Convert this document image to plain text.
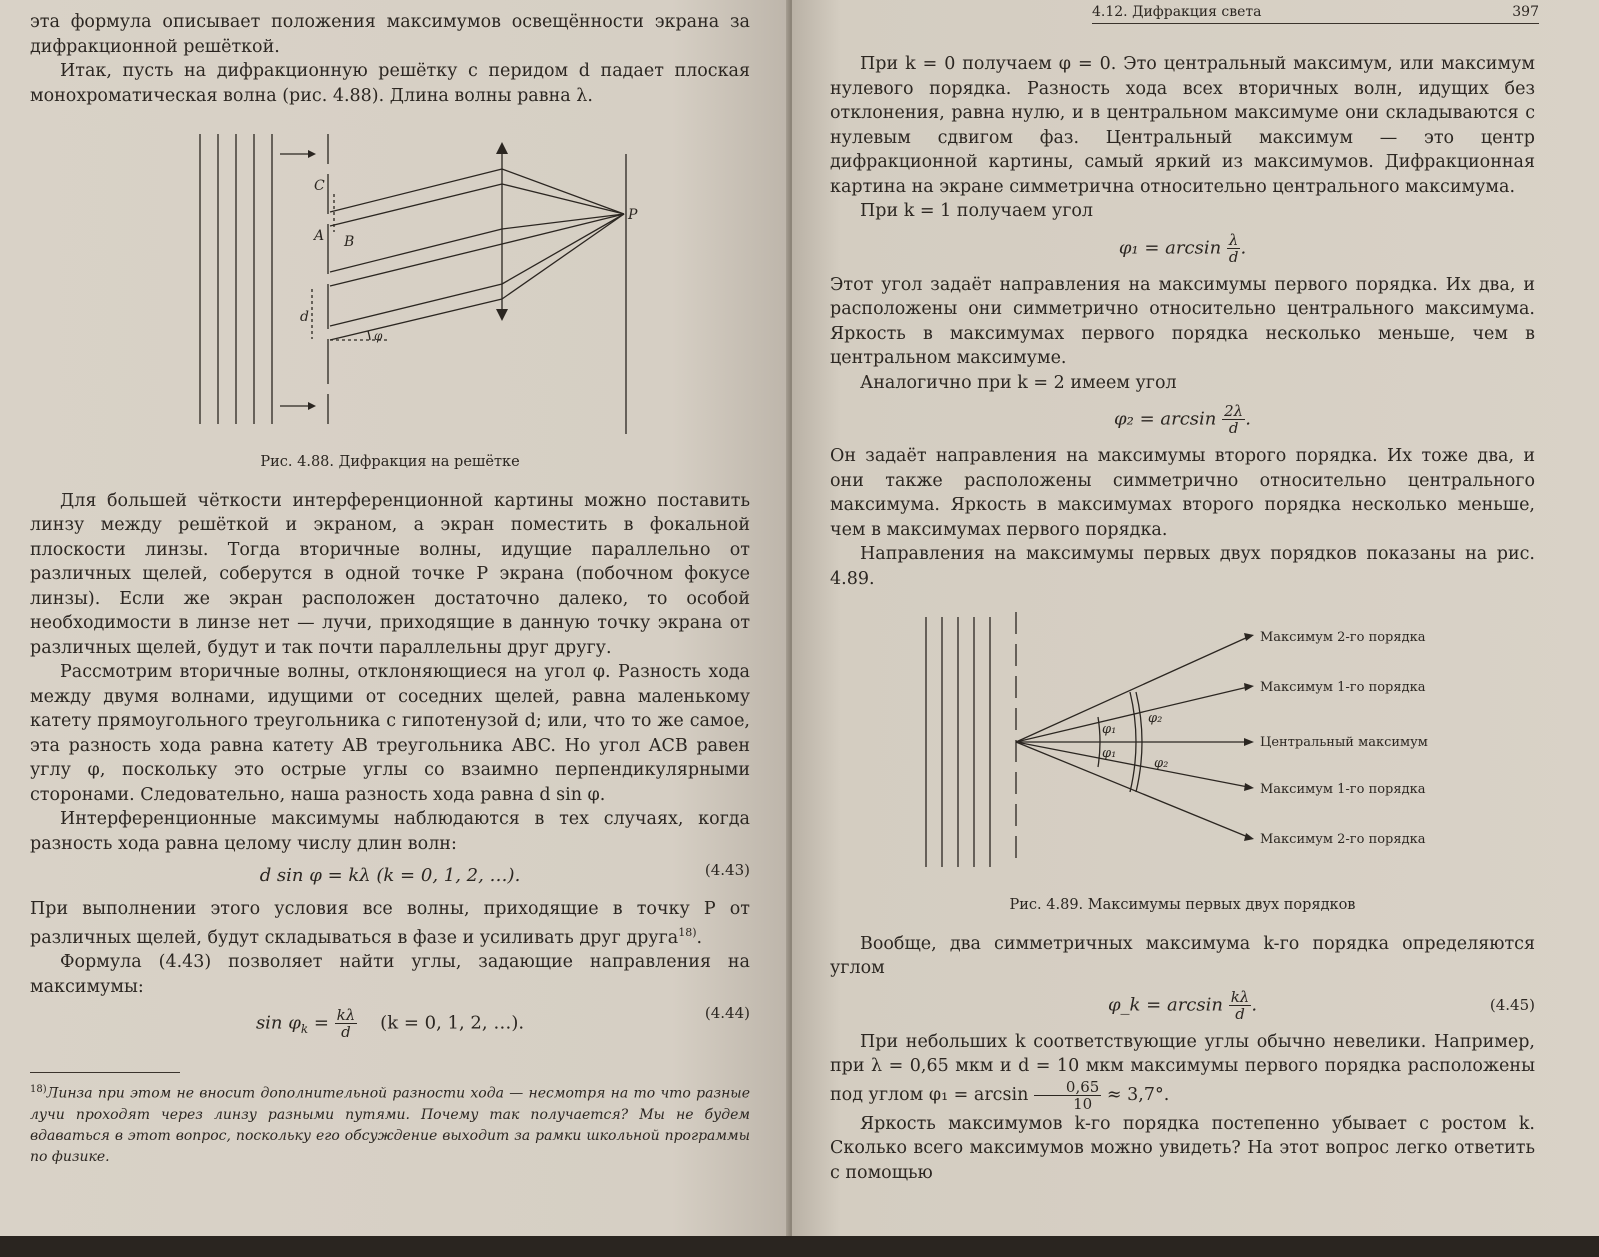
эта формула описывает положения максимумов освещённости экрана за дифракционной решёткой.

Итак, пусть на дифракционную решётку с перидом d падает плоская монохроматическая волна (рис. 4.88). Длина волны равна λ.

C
A B
d
P
φ
Рис. 4.88. Дифракция на решётке

Для большей чёткости интерференционной картины можно поставить линзу между решёткой и экраном, а экран поместить в фокальной плоскости линзы. Тогда вторичные волны, идущие параллельно от различных щелей, соберутся в одной точке P экрана (побочном фокусе линзы). Если же экран расположен достаточно далеко, то особой необходимости в линзе нет — лучи, приходящие в данную точку экрана от различных щелей, будут и так почти параллельны друг другу.

Рассмотрим вторичные волны, отклоняющиеся на угол φ. Разность хода между двумя волнами, идущими от соседних щелей, равна маленькому катету прямоугольного треугольника с гипотенузой d; или, что то же самое, эта разность хода равна катету AB треугольника ABC. Но угол ACB равен углу φ, поскольку это острые углы со взаимно перпендикулярными сторонами. Следовательно, наша разность хода равна d sin φ.

Интерференционные максимумы наблюдаются в тех случаях, когда разность хода равна целому числу длин волн:

d sin φ = kλ (k = 0, 1, 2, …).	(4.43)

При выполнении этого условия все волны, приходящие в точку P от различных щелей, будут складываться в фазе и усиливать друг друга$^{18)}$.

Формула (4.43) позволяет найти углы, задающие направления на максимумы:

$\sin \varphi_k = \frac{k\lambda}{d} (k = 0$, 1, 2, …).	(4.44)

$^{18)}$Линза при этом не вносит дополнительной разности хода — несмотря на то что разные лучи проходят через линзу разными путями. Почему так получается? Мы не будем вдаваться в этот вопрос, поскольку его обсуждение выходит за рамки школьной программы по физике.

4.12. Дифракция света	397

При k = 0 получаем φ = 0. Это центральный максимум, или максимум нулевого порядка. Разность хода всех вторичных волн, идущих без отклонения, равна нулю, и в центральном максимуме они складываются с нулевым сдвигом фаз. Центральный максимум — это центр дифракционной картины, самый яркий из максимумов. Дифракционная картина на экране симметрична относительно центрального максимума.

При k = 1 получаем угол

$\varphi_1 = \arcsin \frac{\lambda}{d}$ .

Этот угол задаёт направления на максимумы первого порядка. Их два, и расположены они симметрично относительно центрального максимума. Яркость в максимумах первого порядка несколько меньше, чем в центральном максимуме.

Аналогично при k = 2 имеем угол

$\varphi_2 = \arcsin \frac{2\lambda}{d}$ .

Он задаёт направления на максимумы второго порядка. Их тоже два, и они также расположены симметрично относительно центрального максимума. Яркость в максимумах второго порядка несколько меньше, чем в максимумах первого порядка.

Направления на максимумы первых двух порядков показаны на рис. 4.89.

Максимум 2-го порядка
Максимум 1-го порядка
Центральный максимум
Максимум 1-го порядка
Максимум 2-го порядка
φ₁
φ₂
φ₁
φ₂
Рис. 4.89. Максимумы первых двух порядков

Вообще, два симметричных максимума k-го порядка определяются углом

φ_k = $\arcsin \frac{k\lambda}{d}$ .	(4.45)

При небольших k соответствующие углы обычно невелики. Например, при λ = 0,65 мкм и d = 10 мкм максимумы первого порядка расположены под углом $\varphi_1 = \arcsin \frac{0,65}{10} \approx 3,7^\circ$.

Яркость максимумов k-го порядка постепенно убывает с ростом k. Сколько всего максимумов можно увидеть? На этот вопрос легко ответить с помощью
